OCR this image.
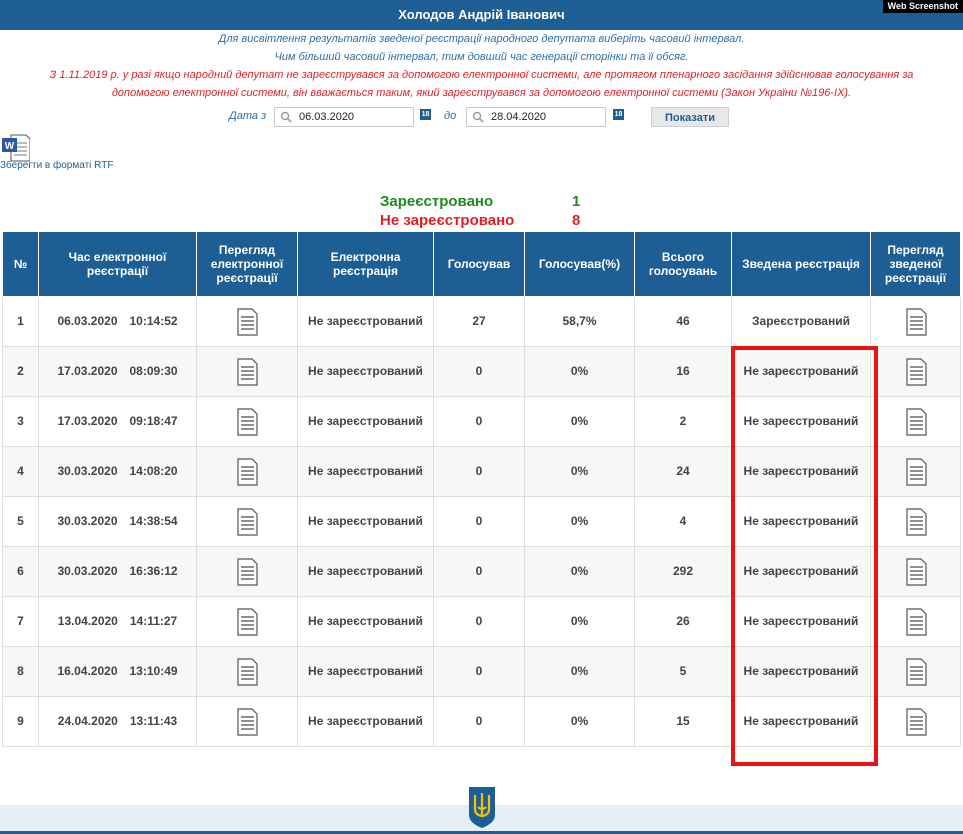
Холодов Андрій Іванович
Web Screenshot
Для висвітлення результатів зведеної реєстрації народного депутата виберіть часовий інтервал.
Чим більший часовий інтервал, тим довший час генерації сторінки та її обсяг.
З 1.11.2019 р. у разі якщо народний депутат не зареєструвався за допомогою електронної системи, але протягом пленарного засідання здійснював голосування за
допомогою електронної системи, він вважається таким, який зареєструвався за допомогою електронної системи (Закон України №196-IX).
Дата з	06.03.2020	18 до	28.04.2020	18	Показати
W
Зберегти в форматі RTF
Зареєстровано	1
Не зареєстровано	8
№	Час електронної реєстрації	Перегляд електронної реєстрації	Електронна реєстрація	Голосував	Голосував(%)	Всього голосувань	Зведена реєстрація	Перегляд зведеної реєстрації
1	06.03.2020 10:14:52		Не зареєстрований	27	58,7%	46	Зареєстрований	
2	17.03.2020 08:09:30		Не зареєстрований	0	0%	16	Не зареєстрований	
3	17.03.2020 09:18:47		Не зареєстрований	0	0%	2	Не зареєстрований	
4	30.03.2020 14:08:20		Не зареєстрований	0	0%	24	Не зареєстрований	
5	30.03.2020 14:38:54		Не зареєстрований	0	0%	4	Не зареєстрований	
6	30.03.2020 16:36:12		Не зареєстрований	0	0%	292	Не зареєстрований	
7	13.04.2020 14:11:27		Не зареєстрований	0	0%	26	Не зареєстрований	
8	16.04.2020 13:10:49		Не зареєстрований	0	0%	5	Не зареєстрований	
9	24.04.2020 13:11:43		Не зареєстрований	0	0%	15	Не зареєстрований	
